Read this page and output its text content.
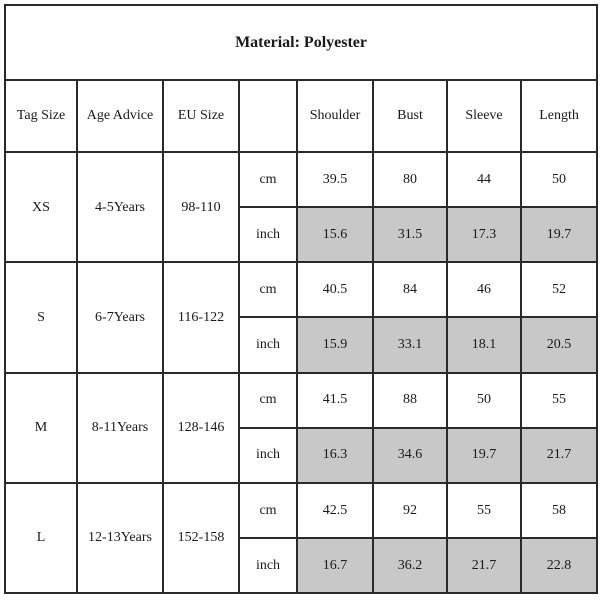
Material: Polyester							
Tag Size	Age Advice	EU Size		Shoulder	Bust	Sleeve	Length
XS	4-5Years	98-110	cm	39.5	80	44	50
			inch	15.6	31.5	17.3	19.7
S	6-7Years	116-122	cm	40.5	84	46	52
			inch	15.9	33.1	18.1	20.5
M	8-11Years	128-146	cm	41.5	88	50	55
			inch	16.3	34.6	19.7	21.7
L	12-13Years	152-158	cm	42.5	92	55	58
			inch	16.7	36.2	21.7	22.8
